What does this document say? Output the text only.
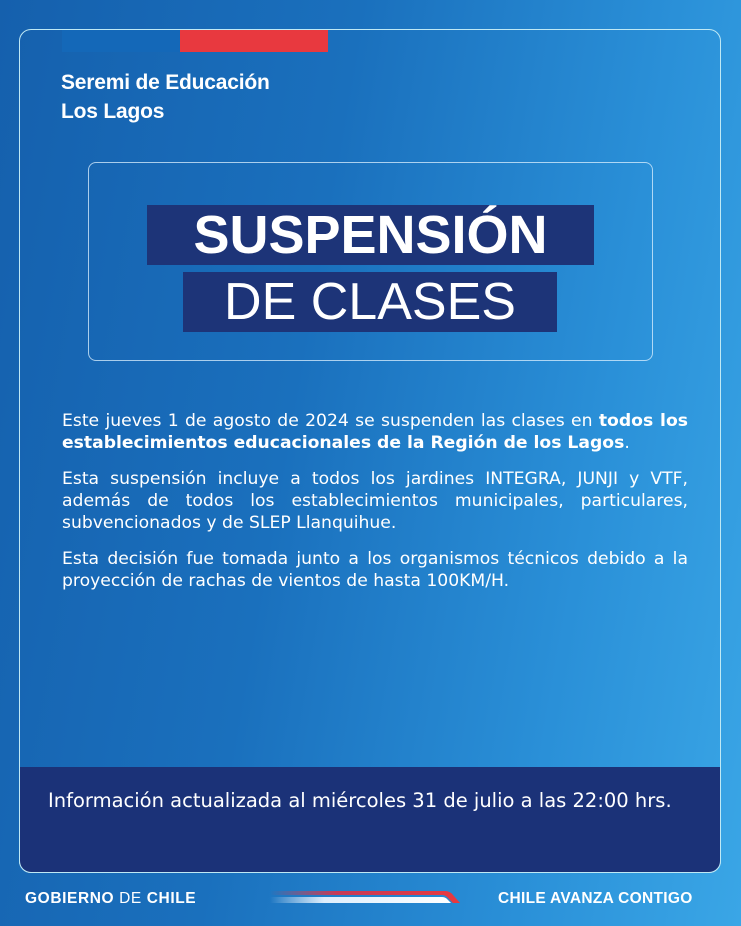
Seremi de Educación
Los Lagos
SUSPENSIÓN
DE CLASES

Este jueves 1 de agosto de 2024 se suspenden las clases en todos los establecimientos educacionales de la Región de los Lagos.

Esta suspensión incluye a todos los jardines INTEGRA, JUNJI y VTF, además de todos los establecimientos municipales, particulares, subvencionados y de SLEP Llanquihue.

Esta decisión fue tomada junto a los organismos técnicos debido a la proyección de rachas de vientos de hasta 100KM/H.

Información actualizada al miércoles 31 de julio a las 22:00 hrs.
GOBIERNO DE CHILE	CHILE AVANZA CONTIGO
